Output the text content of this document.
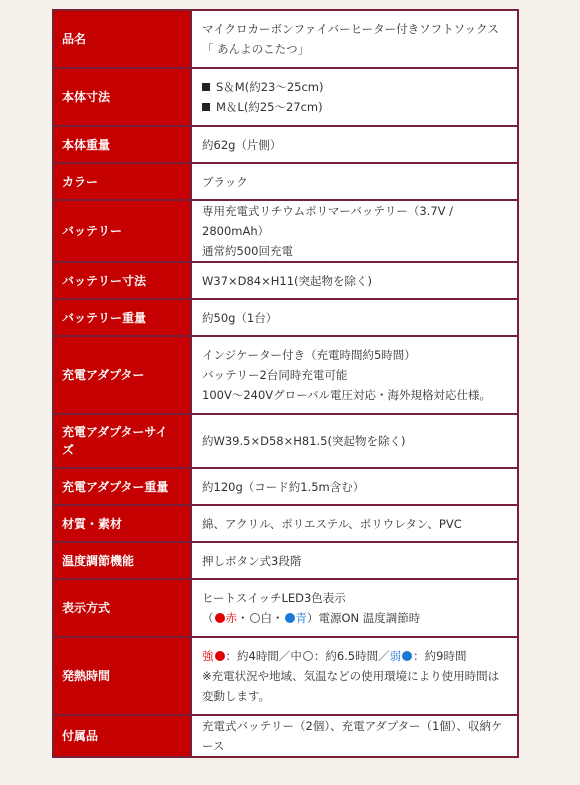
品名	マイクロカーボンファイバーヒーター付きソフトソックス
「 あんよのこたつ」

本体寸法	S＆M(約23～25cm)
M＆L(約25～27cm)

本体重量	約62g（片側）
カラー	ブラック
バッテリー	専用充電式リチウムポリマーバッテリー（3.7V / 2800mAh）
通常約500回充電

バッテリー寸法	W37×D84×H11(突起物を除く)
バッテリー重量	約50g（1台）
充電アダプター	インジケーター付き（充電時間約5時間）
バッテリー2台同時充電可能
100V～240Vグローバル電圧対応・海外規格対応仕様。

充電アダプターサイズ	約W39.5×D58×H81.5(突起物を除く)
充電アダプター重量	約120g（コード約1.5m含む）
材質・素材	綿、アクリル、ポリエステル、ポリウレタン、PVC
温度調節機能	押しボタン式3段階
表示方式	ヒートスイッチLED3色表示
（ 赤・ 白・ 青）電源ON 温度調節時

発熱時間	強 ：約4時間／中 ：約6.5時間／弱 ：約9時間
※充電状況や地域、気温などの使用環境により使用時間は
変動します。

付属品	充電式バッテリー（2個）、充電アダプター（1個）、収納ケース
